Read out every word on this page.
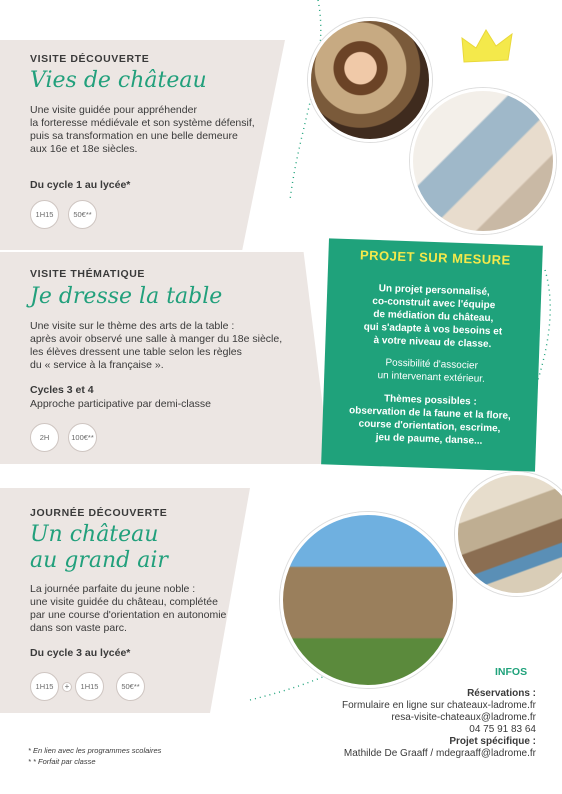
VISITE DÉCOUVERTE
Vies de château
Une visite guidée pour appréhender
la forteresse médiévale et son système défensif,
puis sa transformation en une belle demeure
aux 16e et 18e siècles.
Du cycle 1 au lycée*
1H15	50€**
VISITE THÉMATIQUE
Je dresse la table
Une visite sur le thème des arts de la table :
après avoir observé une salle à manger du 18e siècle,
les élèves dressent une table selon les règles
du « service à la française ».
Cycles 3 et 4
Approche participative par demi-classe
2H	100€**
JOURNÉE DÉCOUVERTE
Un château
au grand air
La journée parfaite du jeune noble :
une visite guidée du château, complétée
par une course d'orientation en autonomie
dans son vaste parc.
Du cycle 3 au lycée*
1H15	+	1H15	50€**
PROJET SUR MESURE
Un projet personnalisé,
co-construit avec l'équipe
de médiation du château,
qui s'adapte à vos besoins et
à votre niveau de classe.
Possibilité d'associer
un intervenant extérieur.
Thèmes possibles :
observation de la faune et la flore,
course d'orientation, escrime,
jeu de paume, danse...
INFOS
Réservations :
Formulaire en ligne sur chateaux-ladrome.fr
resa-visite-chateaux@ladrome.fr
04 75 91 83 64
Projet spécifique :
Mathilde De Graaff / mdegraaff@ladrome.fr
* En lien avec les programmes scolaires
* * Forfait par classe
